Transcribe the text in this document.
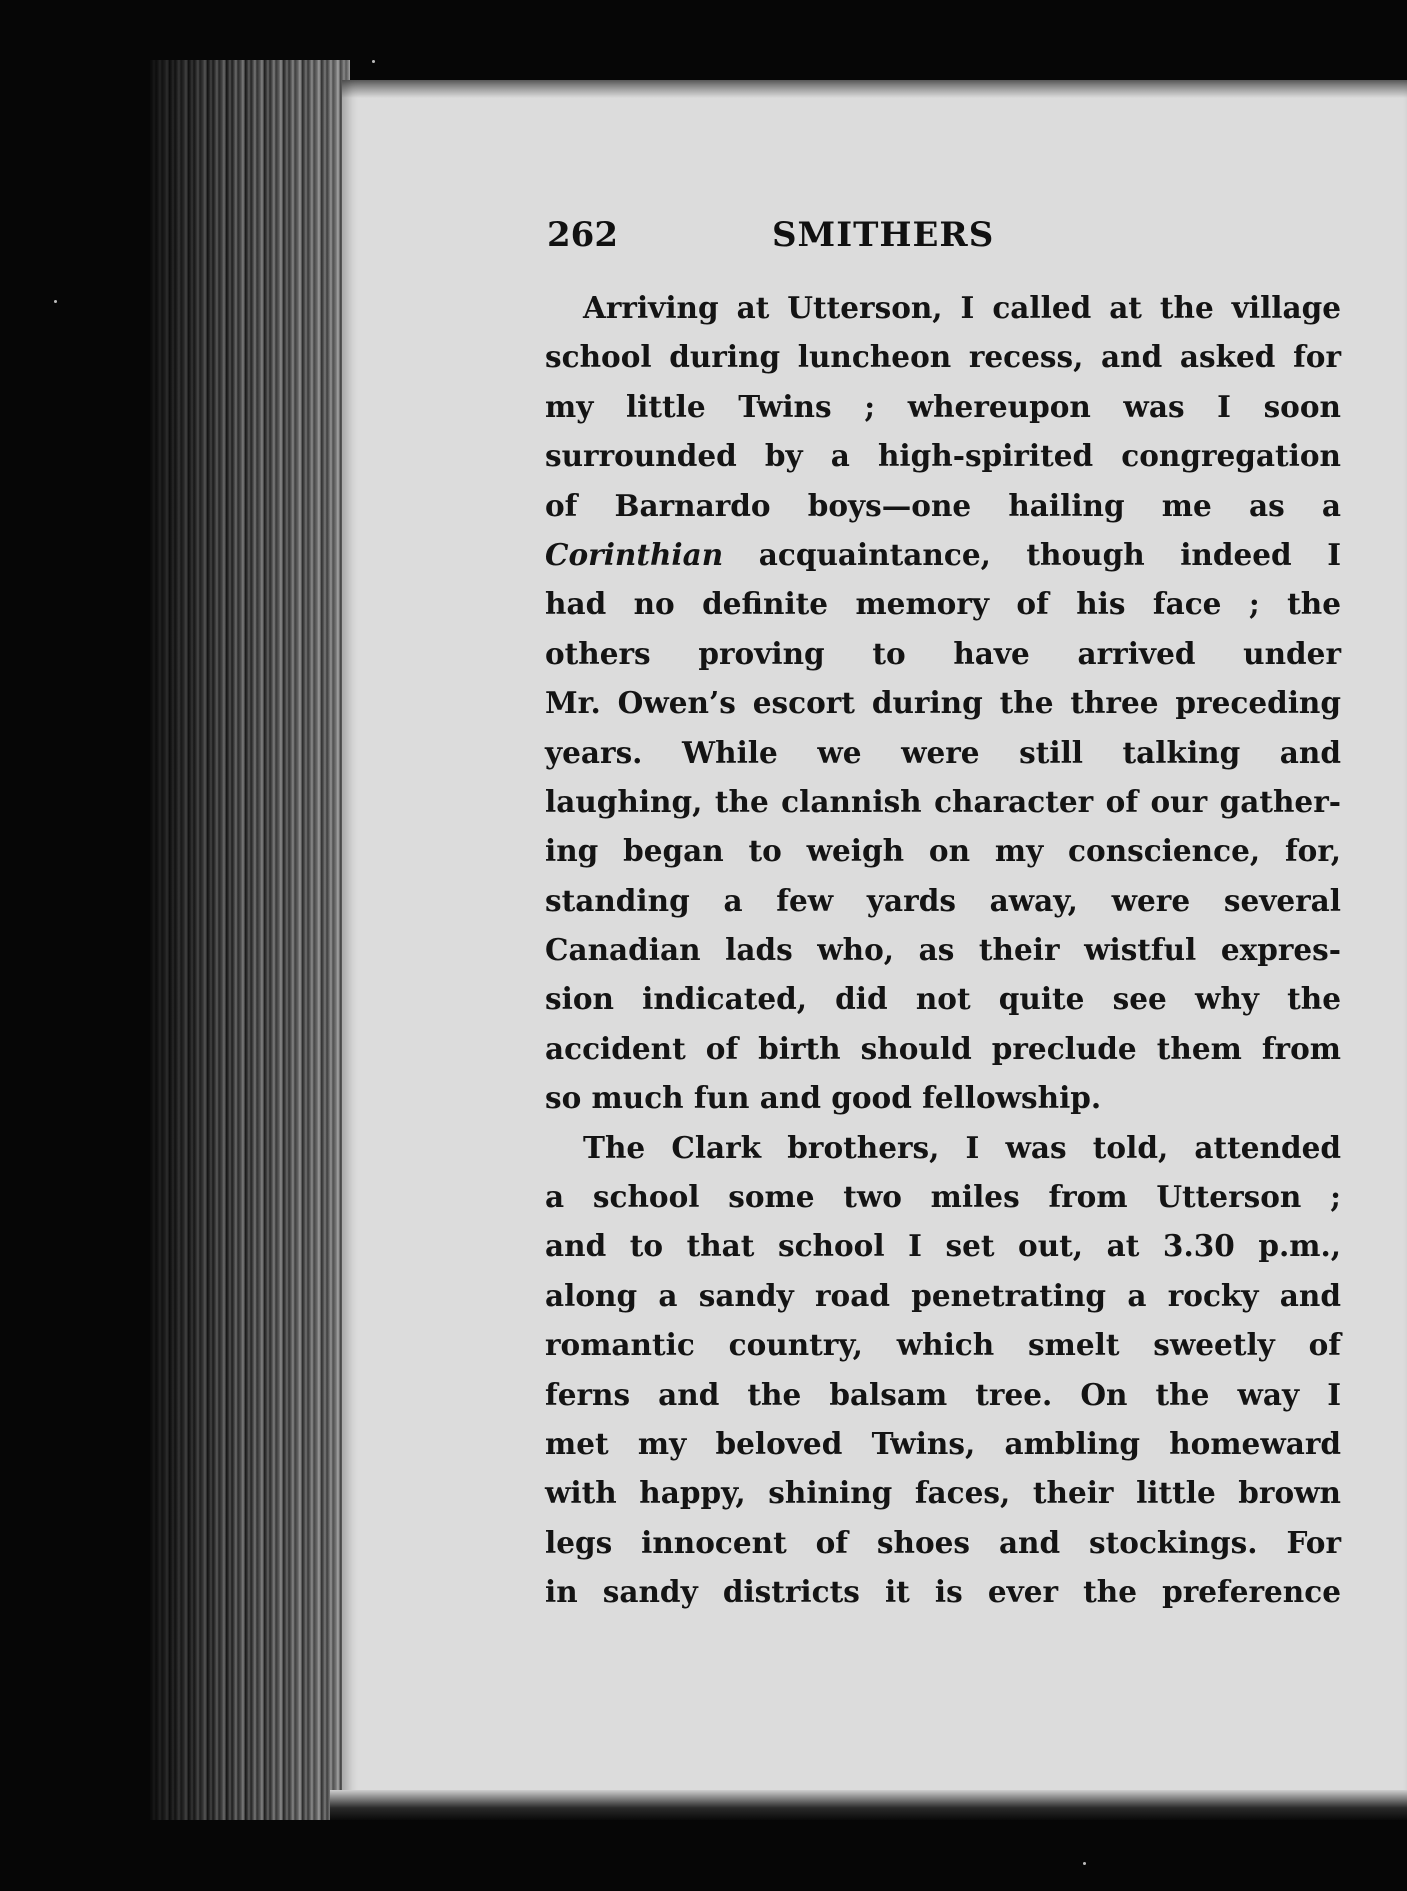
262	SMITHERS
Arriving at Utterson, I called at the village
school during luncheon recess, and asked for
my little Twins ; whereupon was I soon
surrounded by a high-spirited congregation
of Barnardo boys—one hailing me as a
Corinthian acquaintance, though indeed I
had no definite memory of his face ; the
others proving to have arrived under
Mr. Owen’s escort during the three preceding
years. While we were still talking and
laughing, the clannish character of our gather-
ing began to weigh on my conscience, for,
standing a few yards away, were several
Canadian lads who, as their wistful expres-
sion indicated, did not quite see why the
accident of birth should preclude them from
so much fun and good fellowship.
The Clark brothers, I was told, attended
a school some two miles from Utterson ;
and to that school I set out, at 3.30 p.m.,
along a sandy road penetrating a rocky and
romantic country, which smelt sweetly of
ferns and the balsam tree. On the way I
met my beloved Twins, ambling homeward
with happy, shining faces, their little brown
legs innocent of shoes and stockings. For
in sandy districts it is ever the preference
